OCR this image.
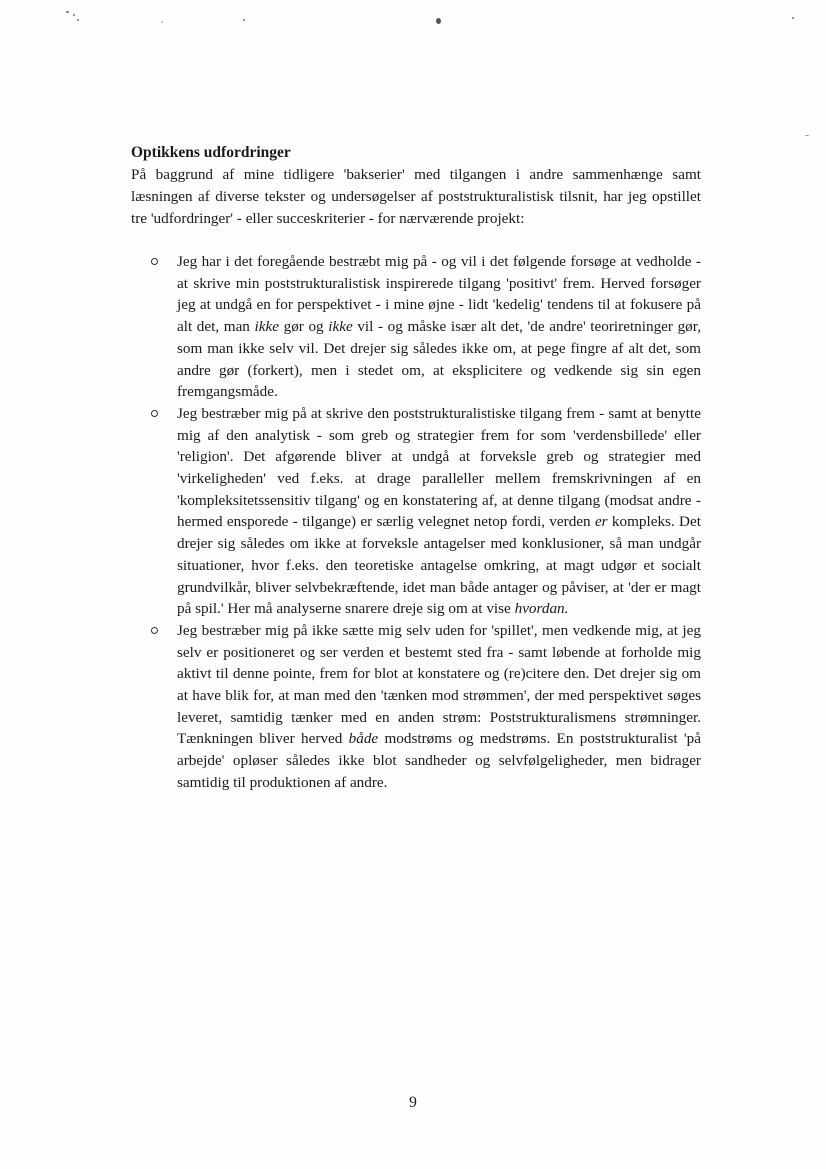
Optikkens udfordringer

På baggrund af mine tidligere 'bakserier' med tilgangen i andre sammenhænge samt læsningen af diverse tekster og undersøgelser af poststrukturalistisk tilsnit, har jeg opstillet tre 'udfordringer' - eller succeskriterier - for nærværende projekt:

Jeg har i det foregående bestræbt mig på - og vil i det følgende forsøge at vedholde - at skrive min poststrukturalistisk inspirerede tilgang 'positivt' frem. Herved forsøger jeg at undgå en for perspektivet - i mine øjne - lidt 'kedelig' tendens til at fokusere på alt det, man ikke gør og ikke vil - og måske især alt det, 'de andre' teoriretninger gør, som man ikke selv vil. Det drejer sig således ikke om, at pege fingre af alt det, som andre gør (forkert), men i stedet om, at eksplicitere og vedkende sig sin egen fremgangsmåde.
Jeg bestræber mig på at skrive den poststrukturalistiske tilgang frem - samt at benytte mig af den analytisk - som greb og strategier frem for som 'verdensbillede' eller 'religion'. Det afgørende bliver at undgå at forveksle greb og strategier med 'virkeligheden' ved f.eks. at drage paralleller mellem fremskrivningen af en 'kompleksitetssensitiv tilgang' og en konstatering af, at denne tilgang (modsat andre - hermed ensporede - tilgange) er særlig velegnet netop fordi, verden er kompleks. Det drejer sig således om ikke at forveksle antagelser med konklusioner, så man undgår situationer, hvor f.eks. den teoretiske antagelse omkring, at magt udgør et socialt grundvilkår, bliver selvbekræftende, idet man både antager og påviser, at 'der er magt på spil.' Her må analyserne snarere dreje sig om at vise hvordan.
Jeg bestræber mig på ikke sætte mig selv uden for 'spillet', men vedkende mig, at jeg selv er positioneret og ser verden et bestemt sted fra - samt løbende at forholde mig aktivt til denne pointe, frem for blot at konstatere og (re)citere den. Det drejer sig om at have blik for, at man med den 'tænken mod strømmen', der med perspektivet søges leveret, samtidig tænker med en anden strøm: Poststrukturalismens strømninger. Tænkningen bliver herved både modstrøms og medstrøms. En poststrukturalist 'på arbejde' opløser således ikke blot sandheder og selvfølgeligheder, men bidrager samtidig til produktionen af andre.

9
